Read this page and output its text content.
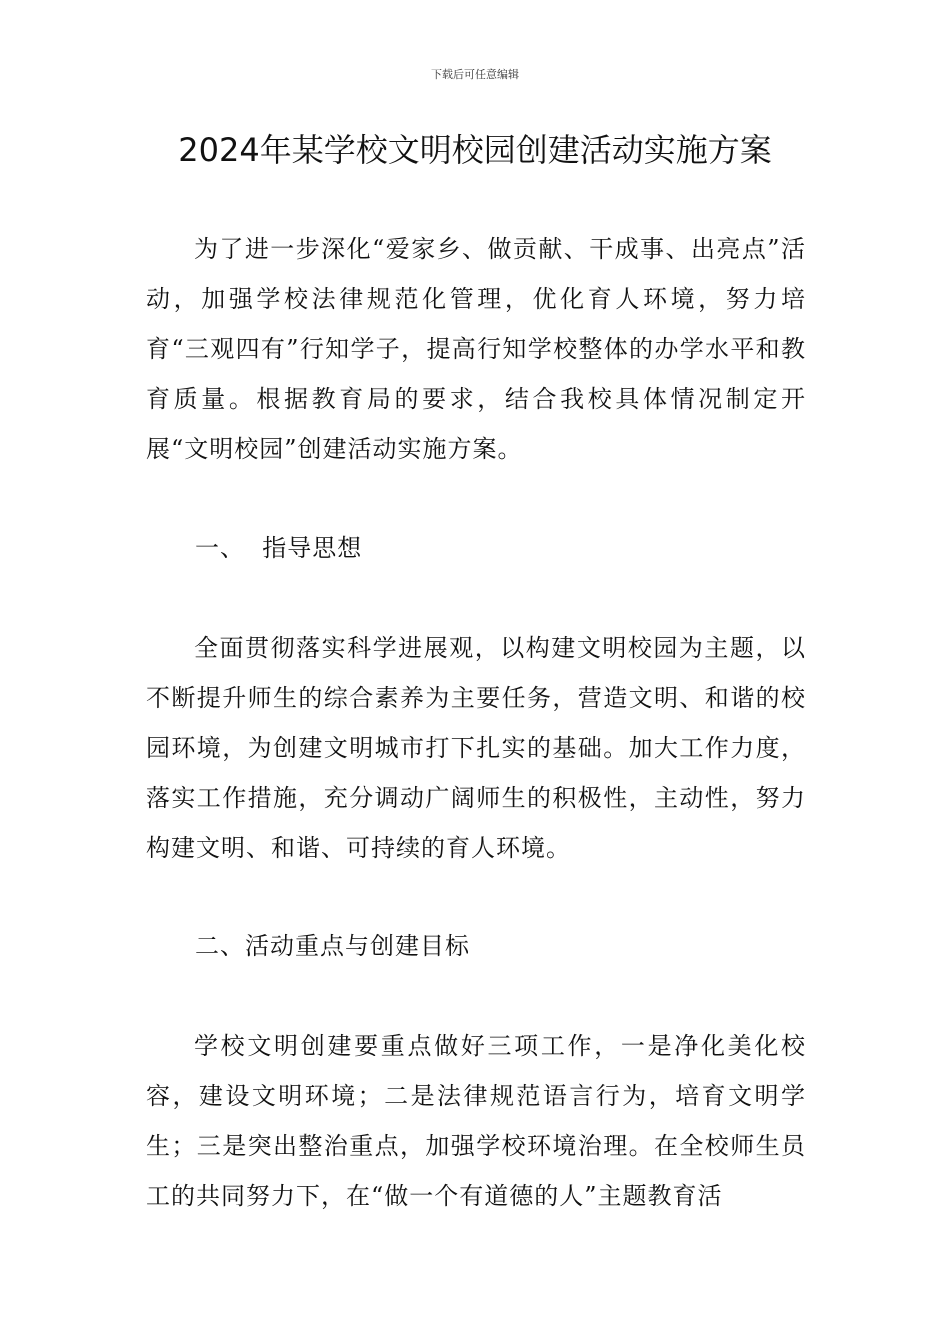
下载后可任意编辑
2024年某学校文明校园创建活动实施方案
为了进一步深化“爱家乡、做贡献、干成事、出亮点”活动，加强学校法律规范化管理，优化育人环境，努力培育“三观四有”行知学子，提高行知学校整体的办学水平和教育质量。根据教育局的要求，结合我校具体情况制定开展“文明校园”创建活动实施方案。
一、  指导思想
全面贯彻落实科学进展观，以构建文明校园为主题，以不断提升师生的综合素养为主要任务，营造文明、和谐的校园环境，为创建文明城市打下扎实的基础。加大工作力度，落实工作措施，充分调动广阔师生的积极性，主动性，努力构建文明、和谐、可持续的育人环境。
二、活动重点与创建目标
学校文明创建要重点做好三项工作，一是净化美化校容，建设文明环境；二是法律规范语言行为，培育文明学生；三是突出整治重点，加强学校环境治理。在全校师生员工的共同努力下，在“做一个有道德的人”主题教育活
